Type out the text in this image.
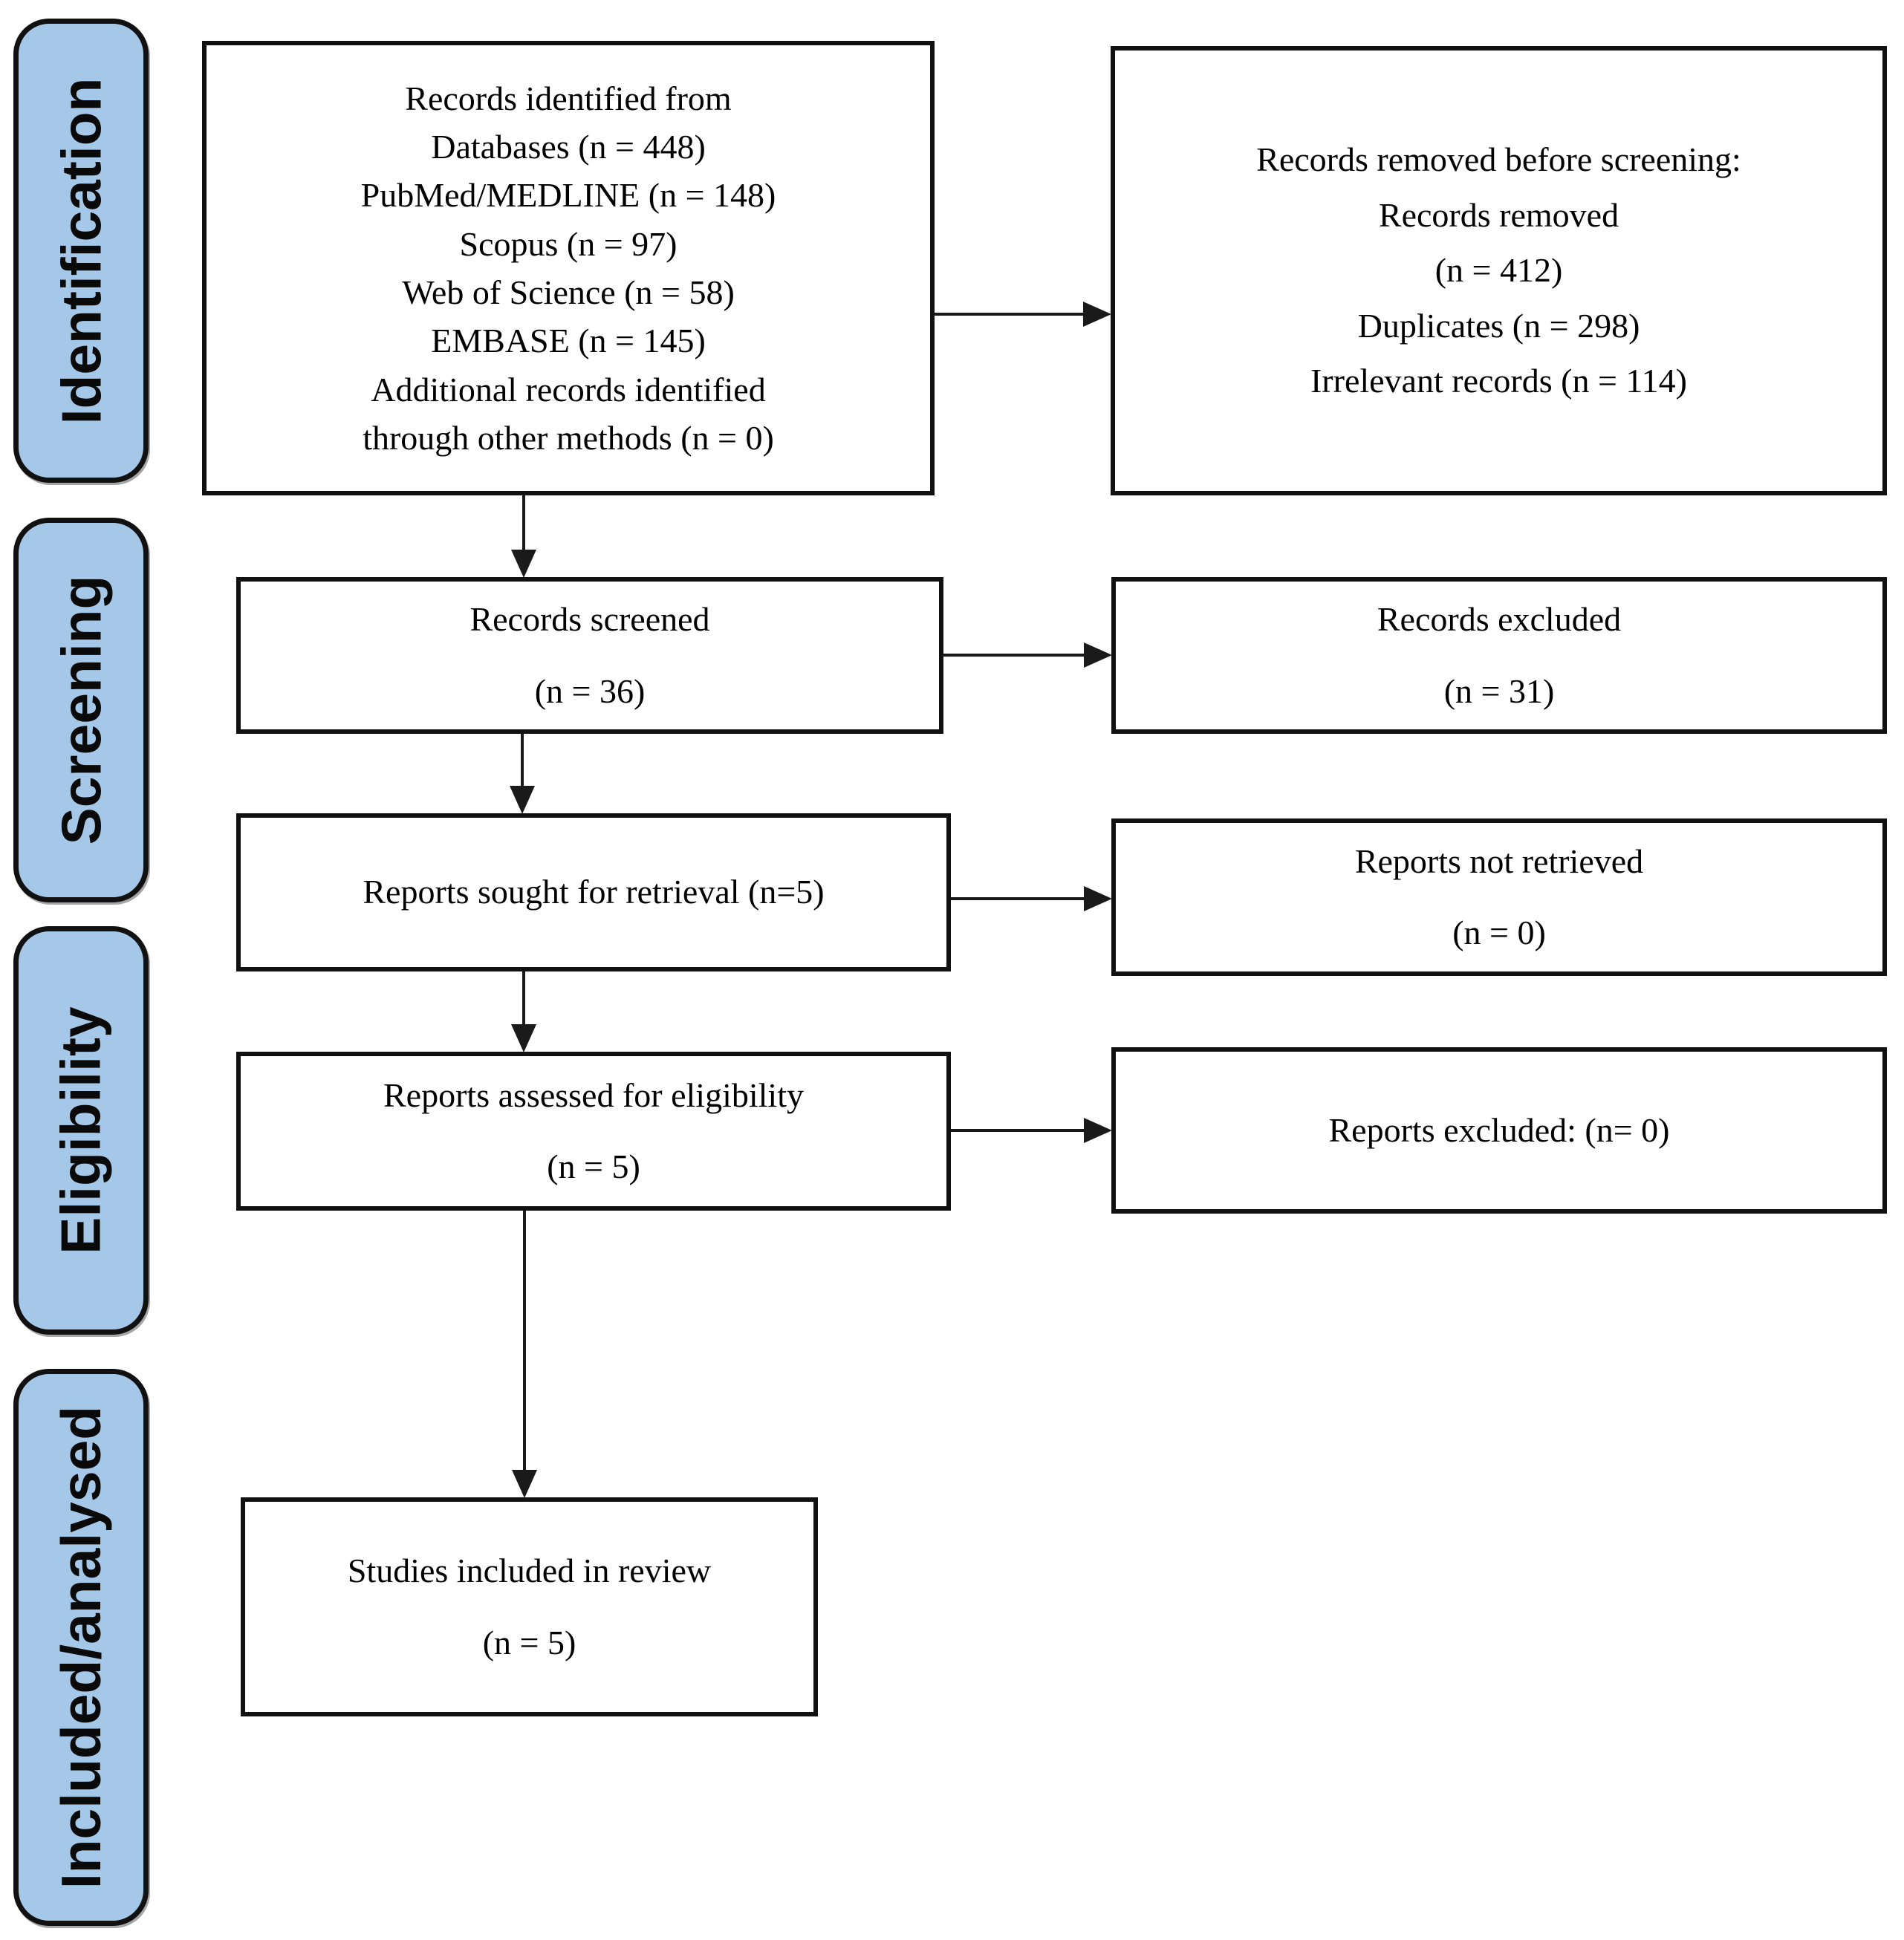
Identification
Screening
Eligibility
Included/analysed
Records identified from
Databases (n = 448)
PubMed/MEDLINE (n = 148)
Scopus (n = 97)
Web of Science (n = 58)
EMBASE (n = 145)
Additional records identified
through other methods (n = 0)
Records removed before screening:
Records removed
(n = 412)
Duplicates (n = 298)
Irrelevant records (n = 114)
Records screened
(n = 36)
Records excluded
(n = 31)
Reports sought for retrieval (n=5)
Reports not retrieved
(n = 0)
Reports assessed for eligibility
(n = 5)
Reports excluded: (n= 0)
Studies included in review
(n = 5)
